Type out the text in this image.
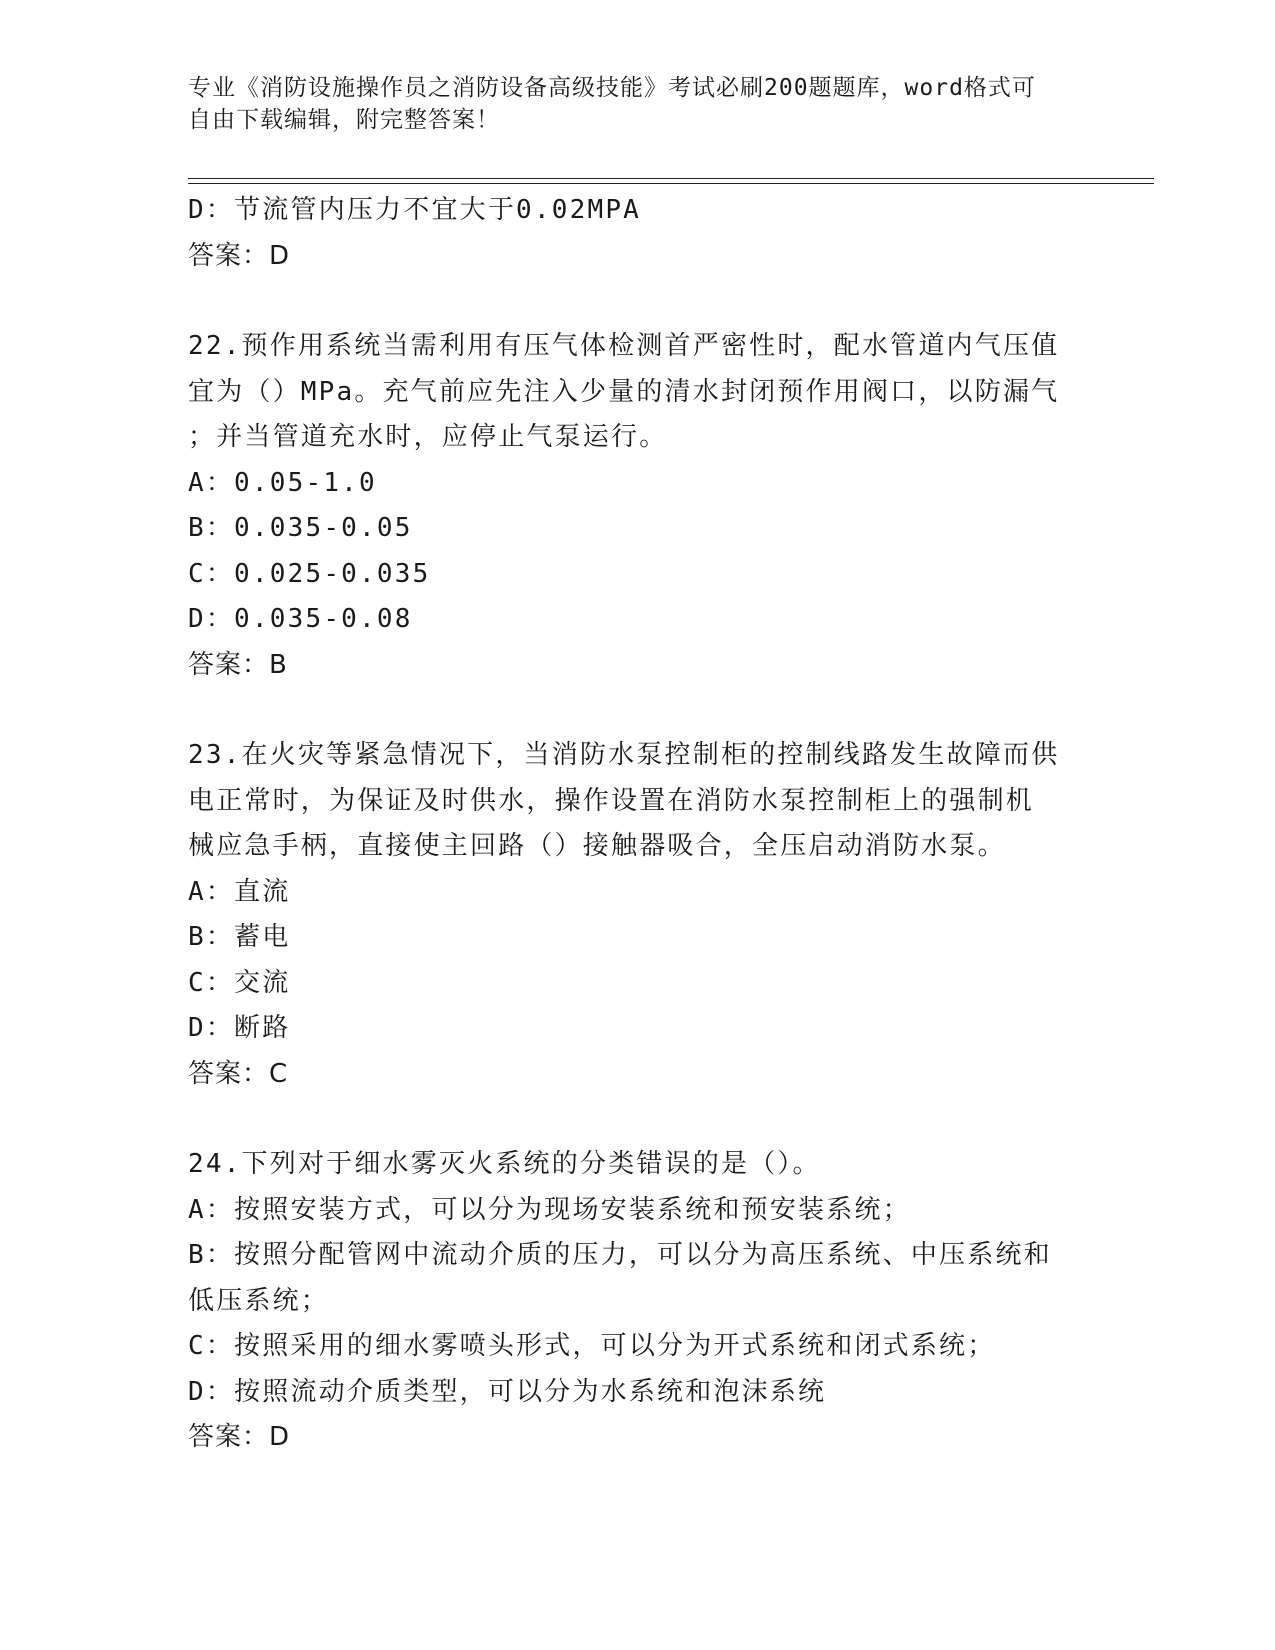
专业《消防设施操作员之消防设备高级技能》考试必刷200题题库，word格式可
自由下载编辑，附完整答案！
D：节流管内压力不宜大于0.02MPA
答案：D
22.预作用系统当需利用有压气体检测首严密性时，配水管道内气压值
宜为（）MPa。充气前应先注入少量的清水封闭预作用阀口，以防漏气
；并当管道充水时，应停止气泵运行。
A：0.05-1.0
B：0.035-0.05
C：0.025-0.035
D：0.035-0.08
答案：B
23.在火灾等紧急情况下，当消防水泵控制柜的控制线路发生故障而供
电正常时，为保证及时供水，操作设置在消防水泵控制柜上的强制机
械应急手柄，直接使主回路（）接触器吸合，全压启动消防水泵。
A：直流
B：蓄电
C：交流
D：断路
答案：C
24.下列对于细水雾灭火系统的分类错误的是（）。
A：按照安装方式，可以分为现场安装系统和预安装系统；
B：按照分配管网中流动介质的压力，可以分为高压系统、中压系统和
低压系统；
C：按照采用的细水雾喷头形式，可以分为开式系统和闭式系统；
D：按照流动介质类型，可以分为水系统和泡沫系统
答案：D
